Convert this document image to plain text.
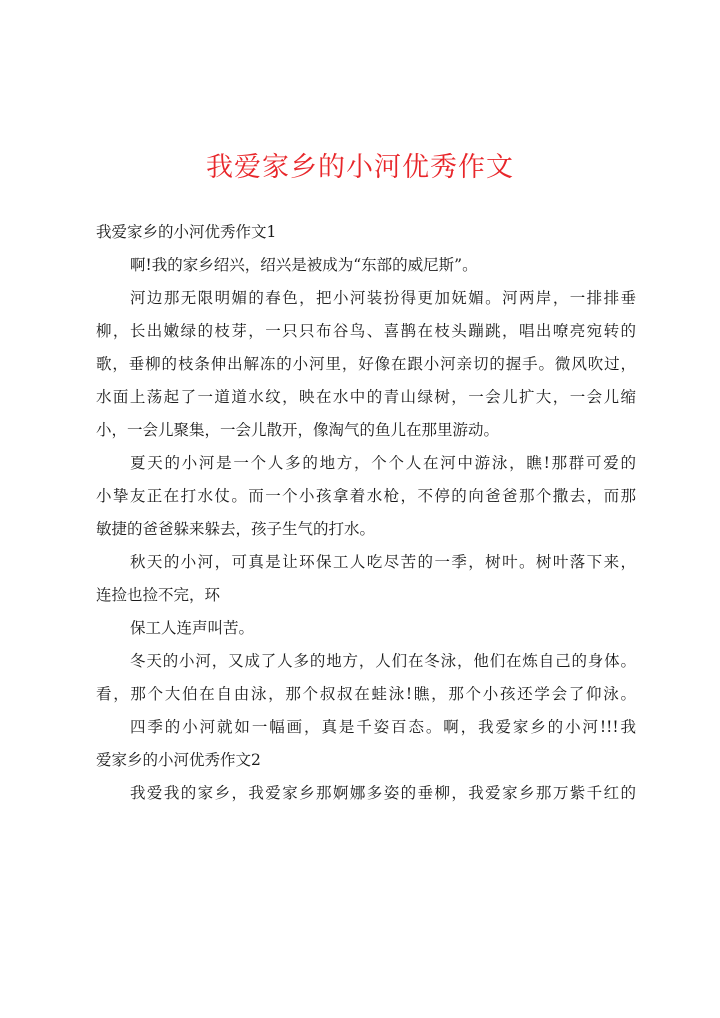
我爱家乡的小河优秀作文
我爱家乡的小河优秀作文1
啊!我的家乡绍兴，绍兴是被成为“东部的威尼斯”。
河边那无限明媚的春色，把小河装扮得更加妩媚。河两岸，一排排垂
柳，长出嫩绿的枝芽，一只只布谷鸟、喜鹊在枝头蹦跳，唱出嘹亮宛转的
歌，垂柳的枝条伸出解冻的小河里，好像在跟小河亲切的握手。微风吹过，
水面上荡起了一道道水纹，映在水中的青山绿树，一会儿扩大，一会儿缩
小，一会儿聚集，一会儿散开，像淘气的鱼儿在那里游动。
夏天的小河是一个人多的地方，个个人在河中游泳，瞧!那群可爱的
小挚友正在打水仗。而一个小孩拿着水枪，不停的向爸爸那个撒去，而那
敏捷的爸爸躲来躲去，孩子生气的打水。
秋天的小河，可真是让环保工人吃尽苦的一季，树叶。树叶落下来，
连捡也捡不完，环
保工人连声叫苦。
冬天的小河，又成了人多的地方，人们在冬泳，他们在炼自己的身体。
看，那个大伯在自由泳，那个叔叔在蛙泳!瞧，那个小孩还学会了仰泳。
四季的小河就如一幅画，真是千姿百态。啊，我爱家乡的小河!!!我
爱家乡的小河优秀作文2
我爱我的家乡，我爱家乡那婀娜多姿的垂柳，我爱家乡那万紫千红的
